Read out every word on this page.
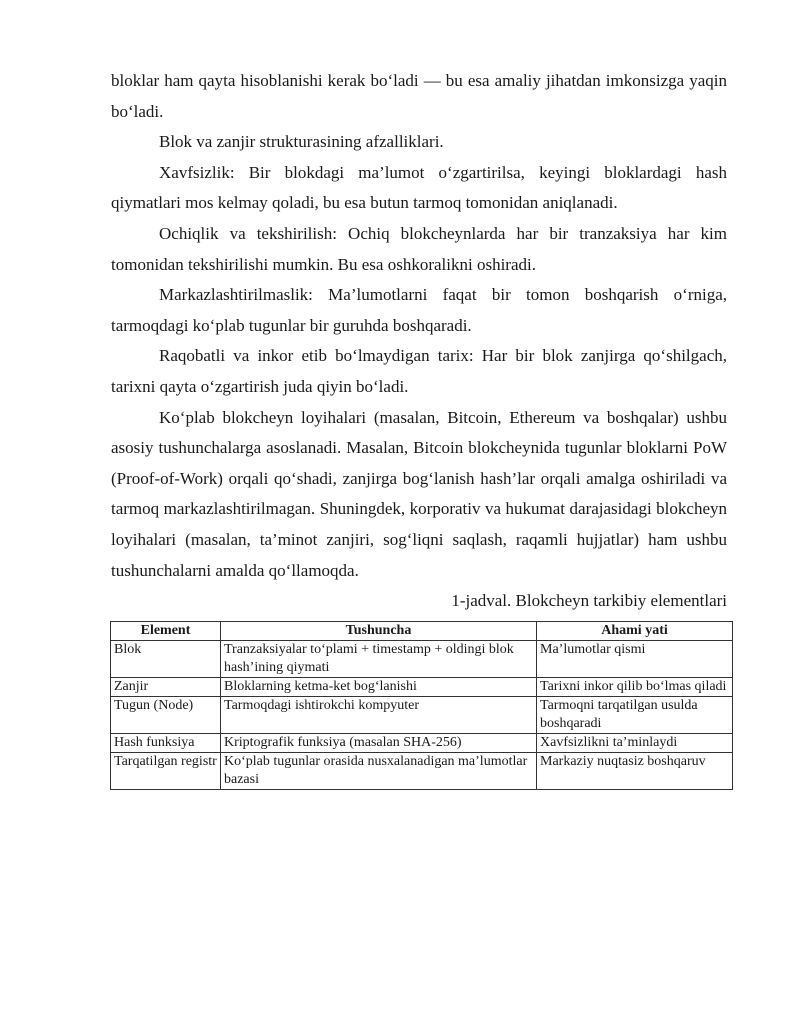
bloklar ham qayta hisoblanishi kerak bo‘ladi — bu esa amaliy jihatdan imkonsizga yaqin bo‘ladi.

Blok va zanjir strukturasining afzalliklari.

Xavfsizlik: Bir blokdagi ma’lumot o‘zgartirilsa, keyingi bloklardagi hash qiymatlari mos kelmay qoladi, bu esa butun tarmoq tomonidan aniqlanadi.

Ochiqlik va tekshirilish: Ochiq blokcheynlarda har bir tranzaksiya har kim tomonidan tekshirilishi mumkin. Bu esa oshkoralikni oshiradi.

Markazlashtirilmaslik: Ma’lumotlarni faqat bir tomon boshqarish o‘rniga, tarmoqdagi ko‘plab tugunlar bir guruhda boshqaradi.

Raqobatli va inkor etib bo‘lmaydigan tarix: Har bir blok zanjirga qo‘shilgach, tarixni qayta o‘zgartirish juda qiyin bo‘ladi.

Ko‘plab blokcheyn loyihalari (masalan, Bitcoin, Ethereum va boshqalar) ushbu asosiy tushunchalarga asoslanadi. Masalan, Bitcoin blokcheynida tugunlar bloklarni PoW (Proof-of-Work) orqali qo‘shadi, zanjirga bog‘lanish hash’lar orqali amalga oshiriladi va tarmoq markazlashtirilmagan. Shuningdek, korporativ va hukumat darajasidagi blokcheyn loyihalari (masalan, ta’minot zanjiri, sog‘liqni saqlash, raqamli hujjatlar) ham ushbu tushunchalarni amalda qo‘llamoqda.

1-jadval. Blokcheyn tarkibiy elementlari

Element	Tushuncha	Ahami yati
Blok	Tranzaksiyalar to‘plami + timestamp + oldingi blok hash’ining qiymati	Ma’lumotlar qismi
Zanjir	Bloklarning ketma-ket bog‘lanishi	Tarixni inkor qilib bo‘lmas qiladi
Tugun (Node)	Tarmoqdagi ishtirokchi kompyuter	Tarmoqni tarqatilgan usulda boshqaradi
Hash funksiya	Kriptografik funksiya (masalan SHA-256)	Xavfsizlikni ta’minlaydi
Tarqatilgan registr	Ko‘plab tugunlar orasida nusxalanadigan ma’lumotlar bazasi	Markaziy nuqtasiz boshqaruv
